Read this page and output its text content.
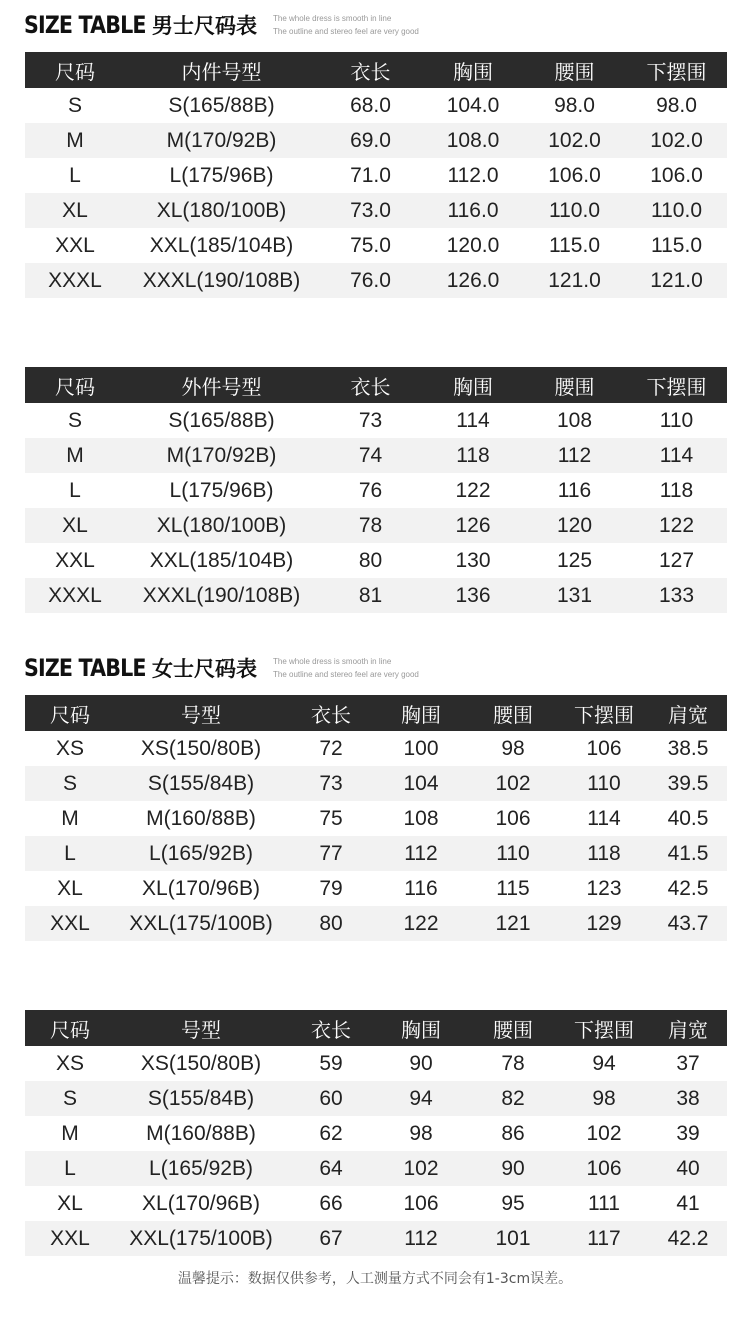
SIZE TABLE 男士尺码表 The whole dress is smooth in line
The outline and stereo feel are very good
尺码	内件号型	衣长	胸围	腰围	下摆围
S	S(165/88B)	68.0	104.0	98.0	98.0
M	M(170/92B)	69.0	108.0	102.0	102.0
L	L(175/96B)	71.0	112.0	106.0	106.0
XL	XL(180/100B)	73.0	116.0	110.0	110.0
XXL	XXL(185/104B)	75.0	120.0	115.0	115.0
XXXL	XXXL(190/108B)	76.0	126.0	121.0	121.0
尺码	外件号型	衣长	胸围	腰围	下摆围
S	S(165/88B)	73	114	108	110
M	M(170/92B)	74	118	112	114
L	L(175/96B)	76	122	116	118
XL	XL(180/100B)	78	126	120	122
XXL	XXL(185/104B)	80	130	125	127
XXXL	XXXL(190/108B)	81	136	131	133
SIZE TABLE 女士尺码表 The whole dress is smooth in line
The outline and stereo feel are very good
尺码	号型	衣长	胸围	腰围	下摆围	肩宽
XS	XS(150/80B)	72	100	98	106	38.5
S	S(155/84B)	73	104	102	110	39.5
M	M(160/88B)	75	108	106	114	40.5
L	L(165/92B)	77	112	110	118	41.5
XL	XL(170/96B)	79	116	115	123	42.5
XXL	XXL(175/100B)	80	122	121	129	43.7
尺码	号型	衣长	胸围	腰围	下摆围	肩宽
XS	XS(150/80B)	59	90	78	94	37
S	S(155/84B)	60	94	82	98	38
M	M(160/88B)	62	98	86	102	39
L	L(165/92B)	64	102	90	106	40
XL	XL(170/96B)	66	106	95	111	41
XXL	XXL(175/100B)	67	112	101	117	42.2
温馨提示：数据仅供参考，人工测量方式不同会有1-3cm误差。
